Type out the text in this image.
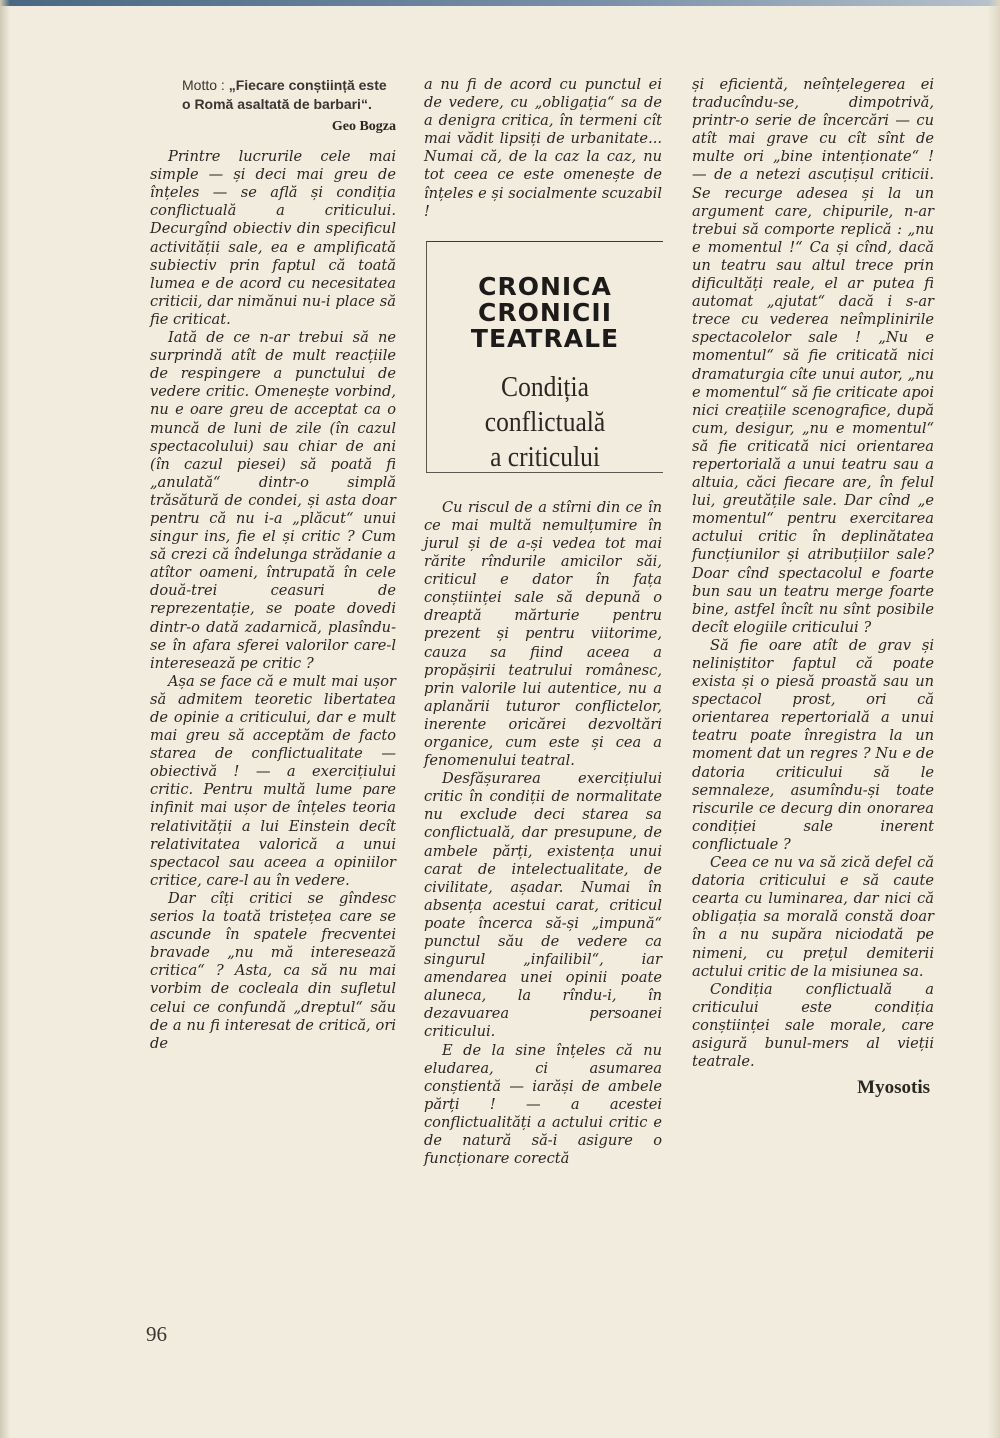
Motto : „Fiecare conștiință este o Romă asaltată de barbari“.
Geo Bogza

Printre lucrurile cele mai simple — și deci mai greu de înțeles — se află și condiția conflictuală a criticului. Decurgînd obiectiv din specificul activității sale, ea e amplificată subiectiv prin faptul că toată lumea e de acord cu necesitatea criticii, dar nimănui nu-i place să fie criticat.

Iată de ce n-ar trebui să ne surprindă atît de mult reacțiile de respingere a punctului de vedere critic. Omenește vorbind, nu e oare greu de acceptat ca o muncă de luni de zile (în cazul spectacolului) sau chiar de ani (în cazul piesei) să poată fi „anulată“ dintr-o simplă trăsătură de condei, și asta doar pentru că nu i-a „plăcut“ unui singur ins, fie el și critic ? Cum să crezi că îndelunga strădanie a atîtor oameni, întrupată în cele două-trei ceasuri de reprezentație, se poate dovedi dintr-o dată zadarnică, plasîndu-se în afara sferei valorilor care-l interesează pe critic ?

Așa se face că e mult mai ușor să admitem teoretic libertatea de opinie a criticului, dar e mult mai greu să acceptăm de facto starea de conflictualitate — obiectivă ! — a exercițiului critic. Pentru multă lume pare infinit mai ușor de înțeles teoria relativității a lui Einstein decît relativitatea valorică a unui spectacol sau aceea a opiniilor critice, care-l au în vedere.

Dar cîți critici se gîndesc serios la toată tristețea care se ascunde în spatele frecventei bravade „nu mă interesează critica“ ? Asta, ca să nu mai vorbim de cocleala din sufletul celui ce confundă „dreptul“ său de a nu fi interesat de critică, ori de

a nu fi de acord cu punctul ei de vedere, cu „obligația“ sa de a denigra critica, în termeni cît mai vădit lipsiți de urbanitate... Numai că, de la caz la caz, nu tot ceea ce este omenește de înțeles e și socialmente scuzabil !

CRONICA
CRONICII
TEATRALE
Condiția
conflictuală
a criticului

Cu riscul de a stîrni din ce în ce mai multă nemulțumire în jurul și de a-și vedea tot mai rărite rîndurile amicilor săi, criticul e dator în fața conștiinței sale să depună o dreaptă mărturie pentru prezent și pentru viitorime, cauza sa fiind aceea a propășirii teatrului românesc, prin valorile lui autentice, nu a aplanării tuturor conflictelor, inerente oricărei dezvoltări organice, cum este și cea a fenomenului teatral.

Desfășurarea exercițiului critic în condiții de normalitate nu exclude deci starea sa conflictuală, dar presupune, de ambele părți, existența unui carat de intelectualitate, de civilitate, așadar. Numai în absența acestui carat, criticul poate încerca să-și „impună“ punctul său de vedere ca singurul „infailibil“, iar amendarea unei opinii poate aluneca, la rîndu-i, în dezavuarea persoanei criticului.

E de la sine înțeles că nu eludarea, ci asumarea conștientă — iarăși de ambele părți ! — a acestei conflictualități a actului critic e de natură să-i asigure o funcționare corectă

și eficientă, neînțelegerea ei traducîndu-se, dimpotrivă, printr-o serie de încercări — cu atît mai grave cu cît sînt de multe ori „bine intenționate“ ! — de a netezi ascuțișul criticii. Se recurge adesea și la un argument care, chipurile, n-ar trebui să comporte replică : „nu e momentul !“ Ca și cînd, dacă un teatru sau altul trece prin dificultăți reale, el ar putea fi automat „ajutat“ dacă i s-ar trece cu vederea neîmplinirile spectacolelor sale ! „Nu e momentul“ să fie criticată nici dramaturgia cîte unui autor, „nu e momentul“ să fie criticate apoi nici creațiile scenografice, după cum, desigur, „nu e momentul“ să fie criticată nici orientarea repertorială a unui teatru sau a altuia, căci fiecare are, în felul lui, greutățile sale. Dar cînd „e momentul“ pentru exercitarea actului critic în deplinătatea funcțiunilor și atribuțiilor sale? Doar cînd spectacolul e foarte bun sau un teatru merge foarte bine, astfel încît nu sînt posibile decît elogiile criticului ?

Să fie oare atît de grav și neliniștitor faptul că poate exista și o piesă proastă sau un spectacol prost, ori că orientarea repertorială a unui teatru poate înregistra la un moment dat un regres ? Nu e de datoria criticului să le semnaleze, asumîndu-și toate riscurile ce decurg din onorarea condiției sale inerent conflictuale ?

Ceea ce nu va să zică defel că datoria criticului e să caute cearta cu luminarea, dar nici că obligația sa morală constă doar în a nu supăra niciodată pe nimeni, cu prețul demiterii actului critic de la misiunea sa.

Condiția conflictuală a criticului este condiția conștiinței sale morale, care asigură bunul-mers al vieții teatrale.

Myosotis
96
